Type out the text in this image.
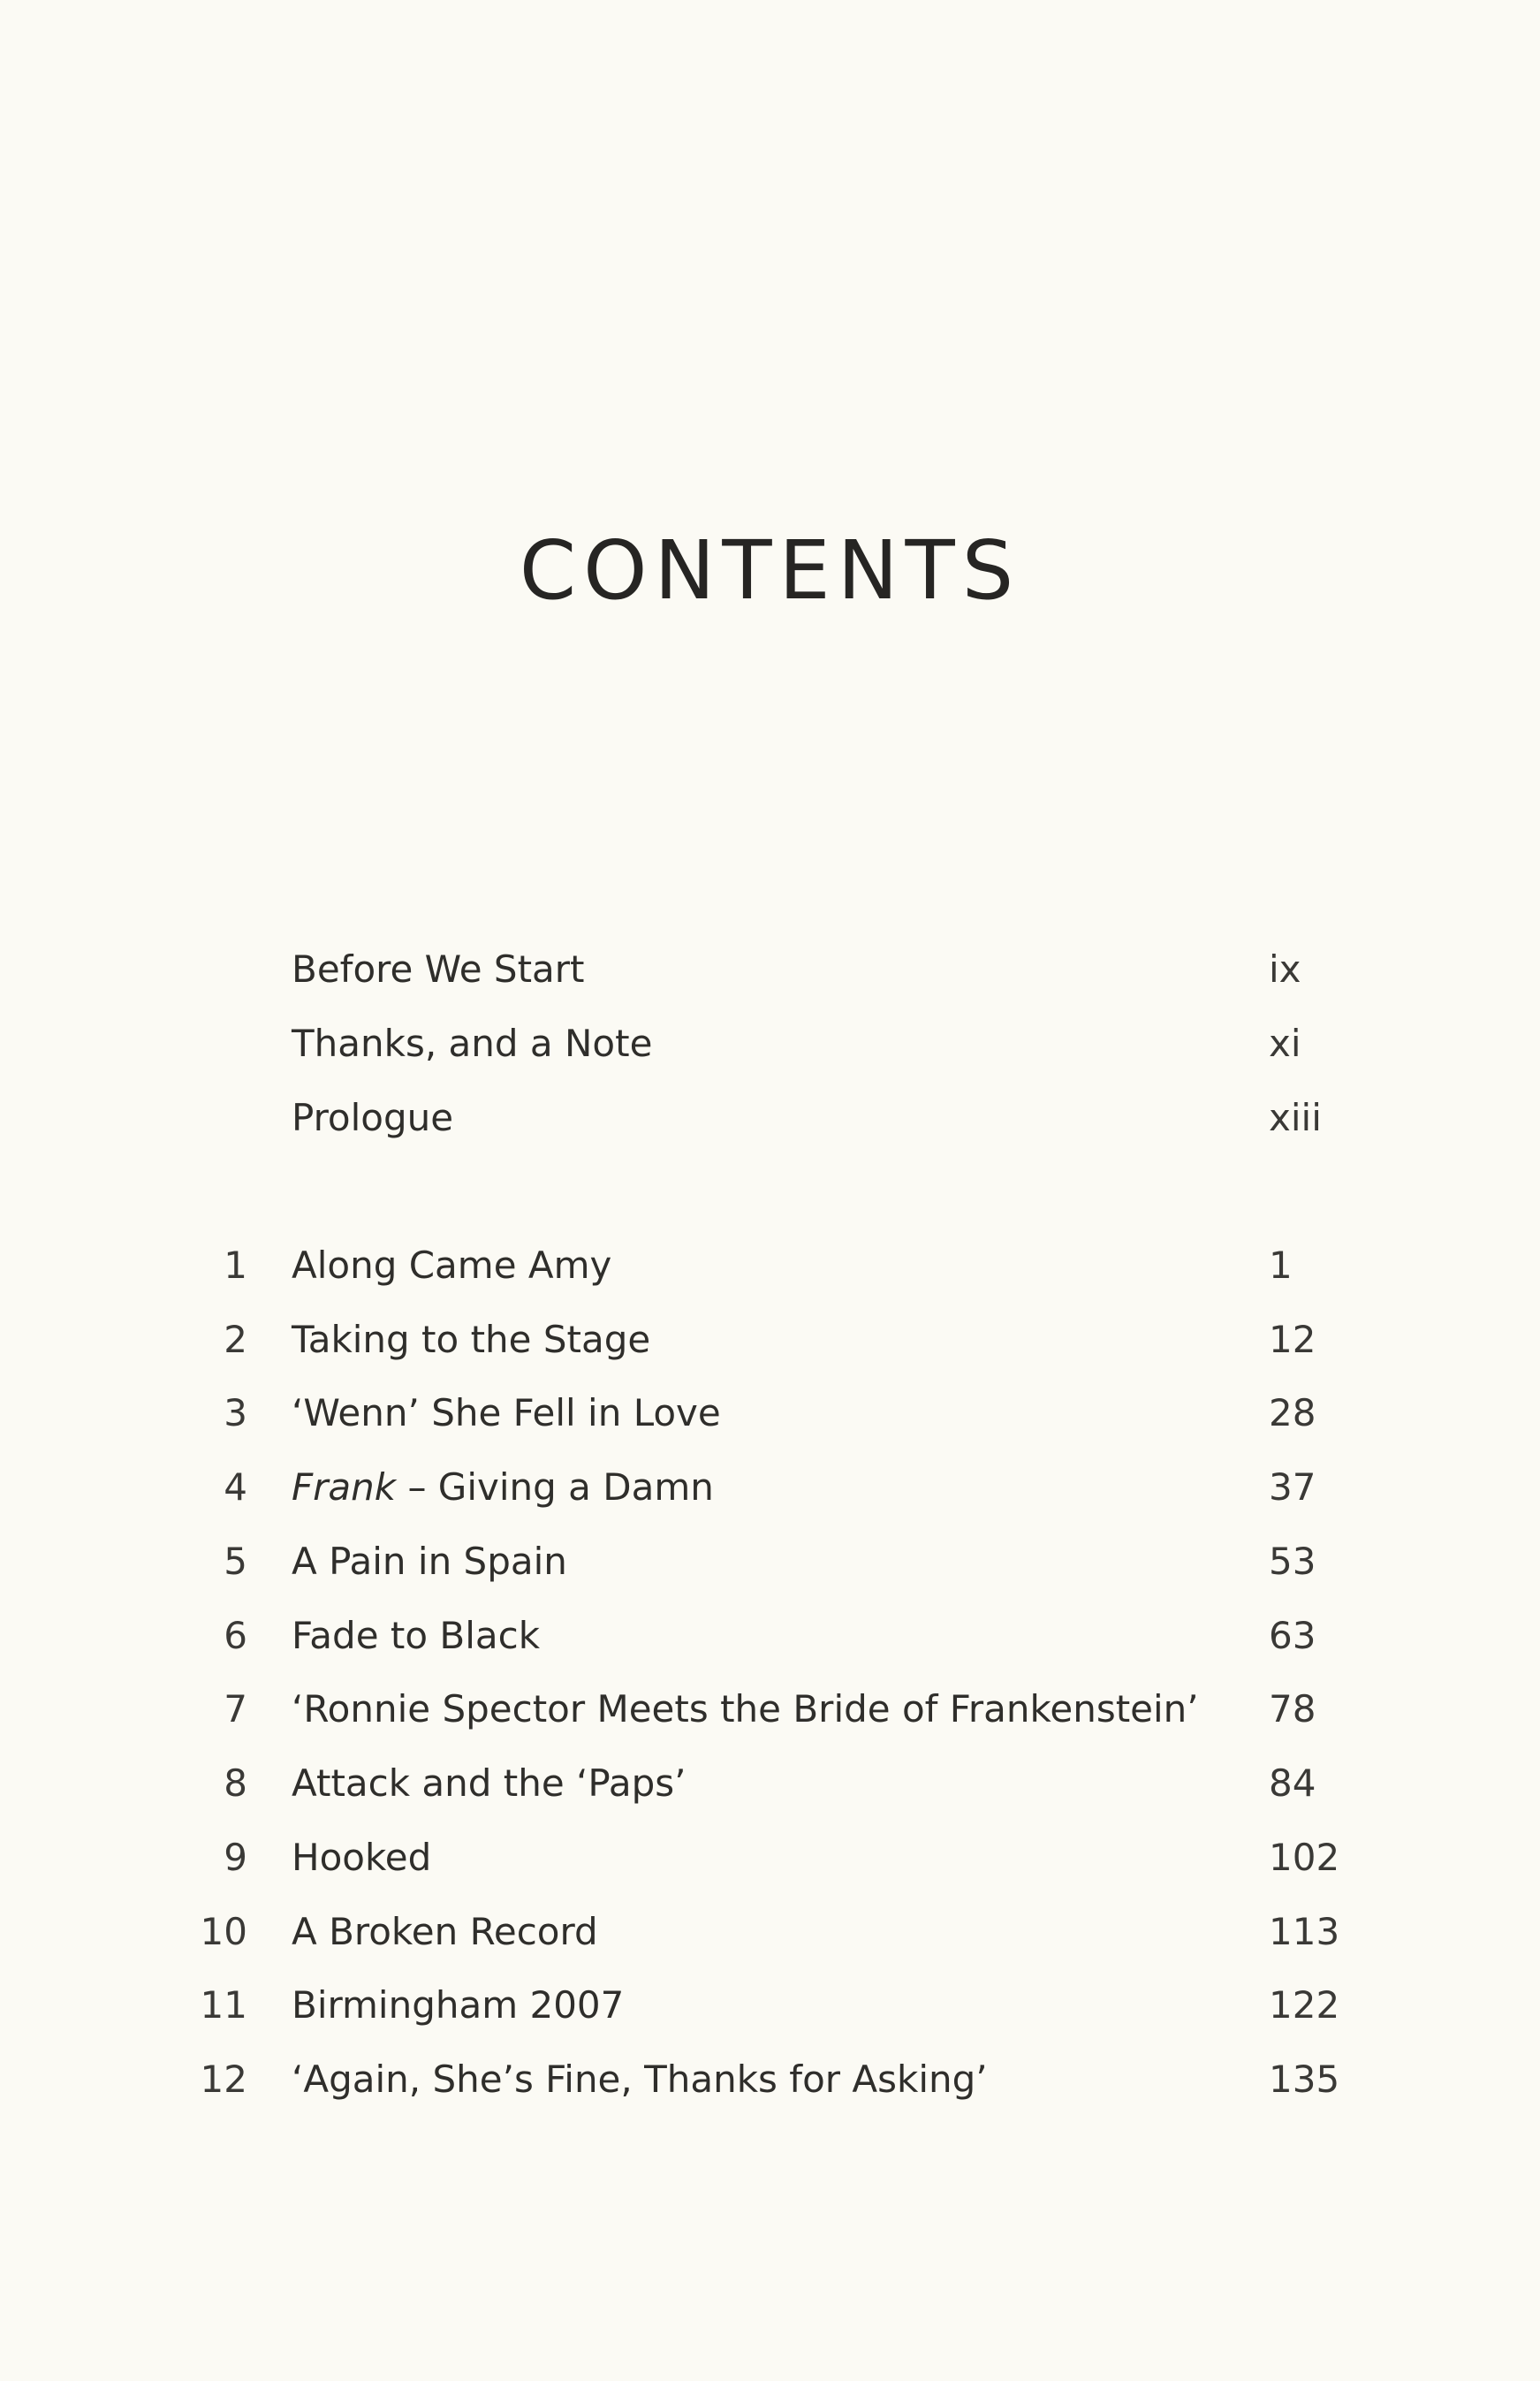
CONTENTS
Before We Start	ix
Thanks, and a Note	xi
Prologue	xiii
1 Along Came Amy	1
2 Taking to the Stage	12
3 ‘Wenn’ She Fell in Love	28
4 Frank – Giving a Damn	37
5 A Pain in Spain	53
6 Fade to Black	63
7 ‘Ronnie Spector Meets the Bride of Frankenstein’ 78
8 Attack and the ‘Paps’	84
9 Hooked	102
10 A Broken Record	113
11 Birmingham 2007	122
12 ‘Again, She’s Fine, Thanks for Asking’	135
